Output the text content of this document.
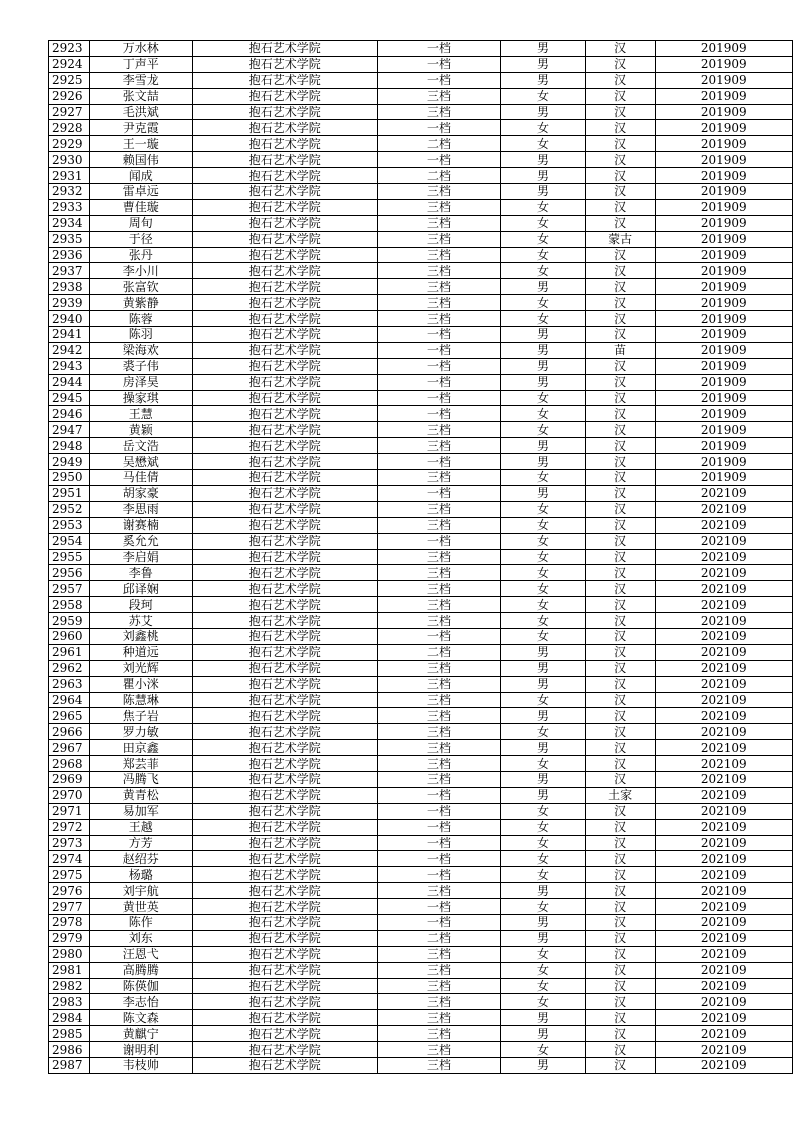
2923	万水林	抱石艺术学院	一档	男	汉	201909
2924	丁声平	抱石艺术学院	一档	男	汉	201909
2925	李雪龙	抱石艺术学院	一档	男	汉	201909
2926	张文喆	抱石艺术学院	三档	女	汉	201909
2927	毛洪斌	抱石艺术学院	三档	男	汉	201909
2928	尹克霞	抱石艺术学院	一档	女	汉	201909
2929	王一璇	抱石艺术学院	二档	女	汉	201909
2930	赖国伟	抱石艺术学院	一档	男	汉	201909
2931	闻成	抱石艺术学院	二档	男	汉	201909
2932	雷卓远	抱石艺术学院	三档	男	汉	201909
2933	曹佳璇	抱石艺术学院	三档	女	汉	201909
2934	周旬	抱石艺术学院	三档	女	汉	201909
2935	于径	抱石艺术学院	三档	女	蒙古	201909
2936	张丹	抱石艺术学院	三档	女	汉	201909
2937	李小川	抱石艺术学院	三档	女	汉	201909
2938	张富钦	抱石艺术学院	三档	男	汉	201909
2939	黄紫静	抱石艺术学院	三档	女	汉	201909
2940	陈蓉	抱石艺术学院	三档	女	汉	201909
2941	陈羽	抱石艺术学院	一档	男	汉	201909
2942	梁海欢	抱石艺术学院	一档	男	苗	201909
2943	裘子伟	抱石艺术学院	一档	男	汉	201909
2944	房泽昊	抱石艺术学院	一档	男	汉	201909
2945	操家琪	抱石艺术学院	一档	女	汉	201909
2946	王慧	抱石艺术学院	一档	女	汉	201909
2947	黄颖	抱石艺术学院	三档	女	汉	201909
2948	岳文浩	抱石艺术学院	三档	男	汉	201909
2949	吴懋斌	抱石艺术学院	一档	男	汉	201909
2950	马佳倩	抱石艺术学院	三档	女	汉	201909
2951	胡家豪	抱石艺术学院	一档	男	汉	202109
2952	李思雨	抱石艺术学院	三档	女	汉	202109
2953	谢赛楠	抱石艺术学院	三档	女	汉	202109
2954	奚允允	抱石艺术学院	一档	女	汉	202109
2955	李启娟	抱石艺术学院	三档	女	汉	202109
2956	李鲁	抱石艺术学院	三档	女	汉	202109
2957	邱译娴	抱石艺术学院	三档	女	汉	202109
2958	段珂	抱石艺术学院	三档	女	汉	202109
2959	苏艾	抱石艺术学院	三档	女	汉	202109
2960	刘鑫桃	抱石艺术学院	一档	女	汉	202109
2961	种道远	抱石艺术学院	二档	男	汉	202109
2962	刘光辉	抱石艺术学院	三档	男	汉	202109
2963	瞿小洣	抱石艺术学院	三档	男	汉	202109
2964	陈慧琳	抱石艺术学院	三档	女	汉	202109
2965	焦子岩	抱石艺术学院	三档	男	汉	202109
2966	罗力敏	抱石艺术学院	三档	女	汉	202109
2967	田京鑫	抱石艺术学院	三档	男	汉	202109
2968	郑芸菲	抱石艺术学院	三档	女	汉	202109
2969	冯腾飞	抱石艺术学院	三档	男	汉	202109
2970	黄青松	抱石艺术学院	一档	男	土家	202109
2971	易加军	抱石艺术学院	一档	女	汉	202109
2972	王越	抱石艺术学院	一档	女	汉	202109
2973	方芳	抱石艺术学院	一档	女	汉	202109
2974	赵绍芬	抱石艺术学院	一档	女	汉	202109
2975	杨璐	抱石艺术学院	一档	女	汉	202109
2976	刘宇航	抱石艺术学院	三档	男	汉	202109
2977	黄世英	抱石艺术学院	一档	女	汉	202109
2978	陈作	抱石艺术学院	一档	男	汉	202109
2979	刘东	抱石艺术学院	二档	男	汉	202109
2980	汪恩弋	抱石艺术学院	三档	女	汉	202109
2981	高腾腾	抱石艺术学院	三档	女	汉	202109
2982	陈偀伽	抱石艺术学院	三档	女	汉	202109
2983	李志怡	抱石艺术学院	三档	女	汉	202109
2984	陈文森	抱石艺术学院	三档	男	汉	202109
2985	黄麒宁	抱石艺术学院	三档	男	汉	202109
2986	谢明利	抱石艺术学院	三档	女	汉	202109
2987	韦枝帅	抱石艺术学院	三档	男	汉	202109
